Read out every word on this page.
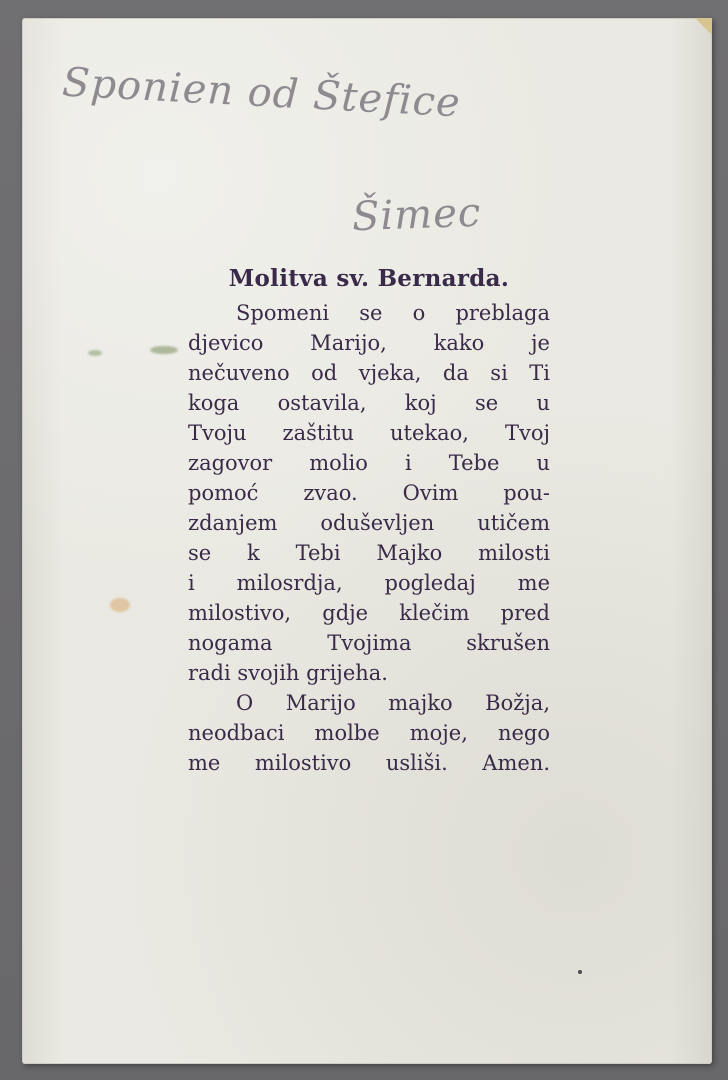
Sponien od Štefice
Šimec
Molitva sv. Bernarda.
Spomeni se o preblaga
djevico Marijo, kako je
nečuveno od vjeka, da si Ti
koga ostavila, koj se u
Tvoju zaštitu utekao, Tvoj
zagovor molio i Tebe u
pomoć zvao. Ovim pou-
zdanjem oduševljen utičem
se k Tebi Majko milosti
i milosrdja, pogledaj me
milostivo, gdje klečim pred
nogama Tvojima skrušen
radi svojih grijeha.
O Marijo majko Božja,
neodbaci molbe moje, nego
me milostivo usliši. Amen.
